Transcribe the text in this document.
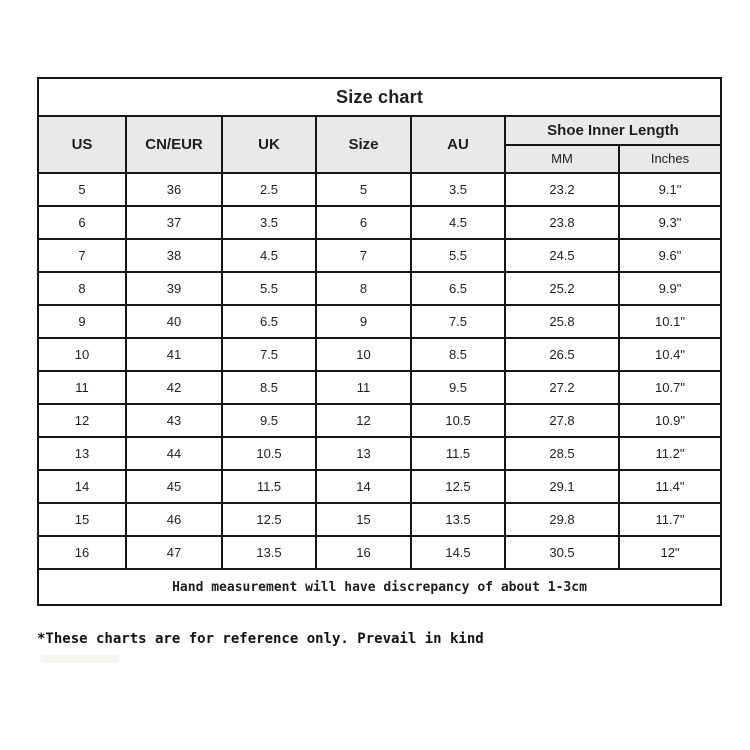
Size chart						
US	CN/EUR	UK	Size	AU	Shoe Inner Length	
					MM	Inches
5	36	2.5	5	3.5	23.2	9.1"
6	37	3.5	6	4.5	23.8	9.3"
7	38	4.5	7	5.5	24.5	9.6"
8	39	5.5	8	6.5	25.2	9.9"
9	40	6.5	9	7.5	25.8	10.1"
10	41	7.5	10	8.5	26.5	10.4"
11	42	8.5	11	9.5	27.2	10.7"
12	43	9.5	12	10.5	27.8	10.9"
13	44	10.5	13	11.5	28.5	11.2"
14	45	11.5	14	12.5	29.1	11.4"
15	46	12.5	15	13.5	29.8	11.7"
16	47	13.5	16	14.5	30.5	12"
Hand measurement will have discrepancy of about 1-3cm						
*These charts are for reference only. Prevail in kind
